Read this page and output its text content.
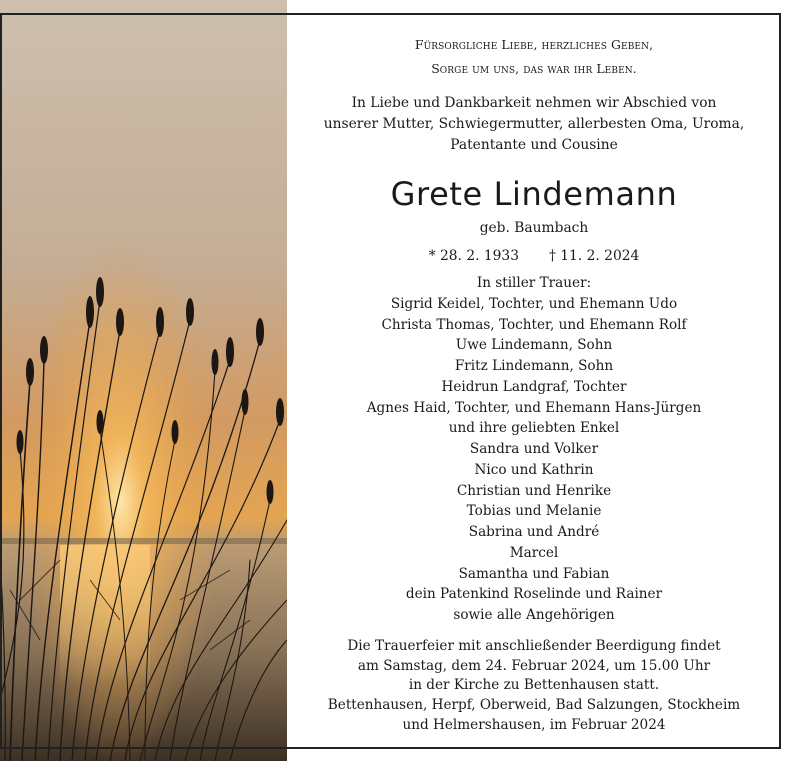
Fürsorgliche Liebe, herzliches Geben,
Sorge um uns, das war ihr Leben.
In Liebe und Dankbarkeit nehmen wir Abschied von
unserer Mutter, Schwiegermutter, allerbesten Oma, Uroma,
Patentante und Cousine
Grete Lindemann
geb. Baumbach
* 28. 2. 1933 † 11. 2. 2024
In stiller Trauer:
Sigrid Keidel, Tochter, und Ehemann Udo
Christa Thomas, Tochter, und Ehemann Rolf
Uwe Lindemann, Sohn
Fritz Lindemann, Sohn
Heidrun Landgraf, Tochter
Agnes Haid, Tochter, und Ehemann Hans-Jürgen
und ihre geliebten Enkel
Sandra und Volker
Nico und Kathrin
Christian und Henrike
Tobias und Melanie
Sabrina und André
Marcel
Samantha und Fabian
dein Patenkind Roselinde und Rainer
sowie alle Angehörigen
Die Trauerfeier mit anschließender Beerdigung findet
am Samstag, dem 24. Februar 2024, um 15.00 Uhr
in der Kirche zu Bettenhausen statt.
Bettenhausen, Herpf, Oberweid, Bad Salzungen, Stockheim
und Helmershausen, im Februar 2024
